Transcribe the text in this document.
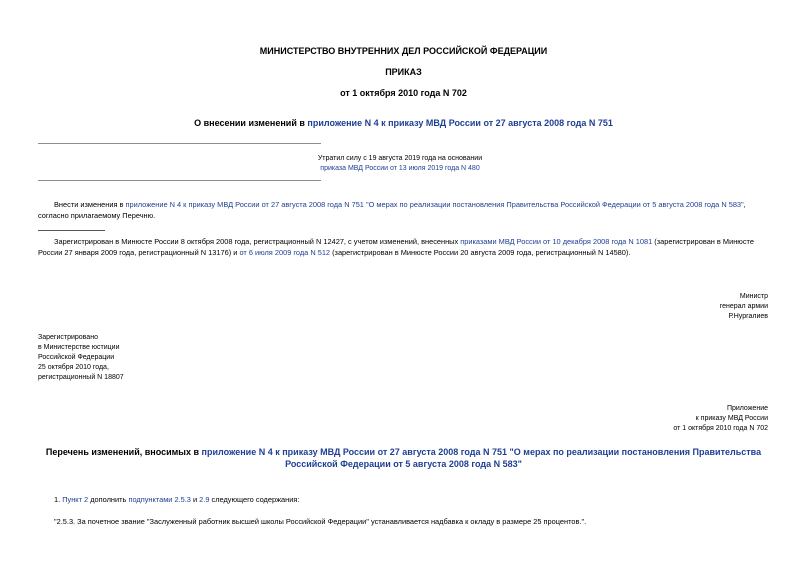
МИНИСТЕРСТВО ВНУТРЕННИХ ДЕЛ РОССИЙСКОЙ ФЕДЕРАЦИИ
ПРИКАЗ
от 1 октября 2010 года N 702
О внесении изменений в приложение N 4 к приказу МВД России от 27 августа 2008 года N 751
Утратил силу с 19 августа 2019 года на основании
приказа МВД России от 13 июля 2019 года N 480
Внести изменения в приложение N 4 к приказу МВД России от 27 августа 2008 года N 751 "О мерах по реализации постановления Правительства Российской Федерации от 5 августа 2008 года N 583", согласно прилагаемому Перечню.
Зарегистрирован в Минюсте России 8 октября 2008 года, регистрационный N 12427, с учетом изменений, внесенных приказами МВД России от 10 декабря 2008 года N 1081 (зарегистрирован в Минюсте России 27 января 2009 года, регистрационный N 13176) и от 6 июля 2009 года N 512 (зарегистрирован в Минюсте России 20 августа 2009 года, регистрационный N 14580).
Министр
генерал армии
Р.Нургалиев
Зарегистрировано
в Министерстве юстиции
Российской Федерации
25 октября 2010 года,
регистрационный N 18807
Приложение
к приказу МВД России
от 1 октября 2010 года N 702
Перечень изменений, вносимых в приложение N 4 к приказу МВД России от 27 августа 2008 года N 751 "О мерах по реализации постановления Правительства Российской Федерации от 5 августа 2008 года N 583"
1. Пункт 2 дополнить подпунктами 2.5.3 и 2.9 следующего содержания:
"2.5.3. За почетное звание "Заслуженный работник высшей школы Российской Федерации" устанавливается надбавка к окладу в размере 25 процентов.".
